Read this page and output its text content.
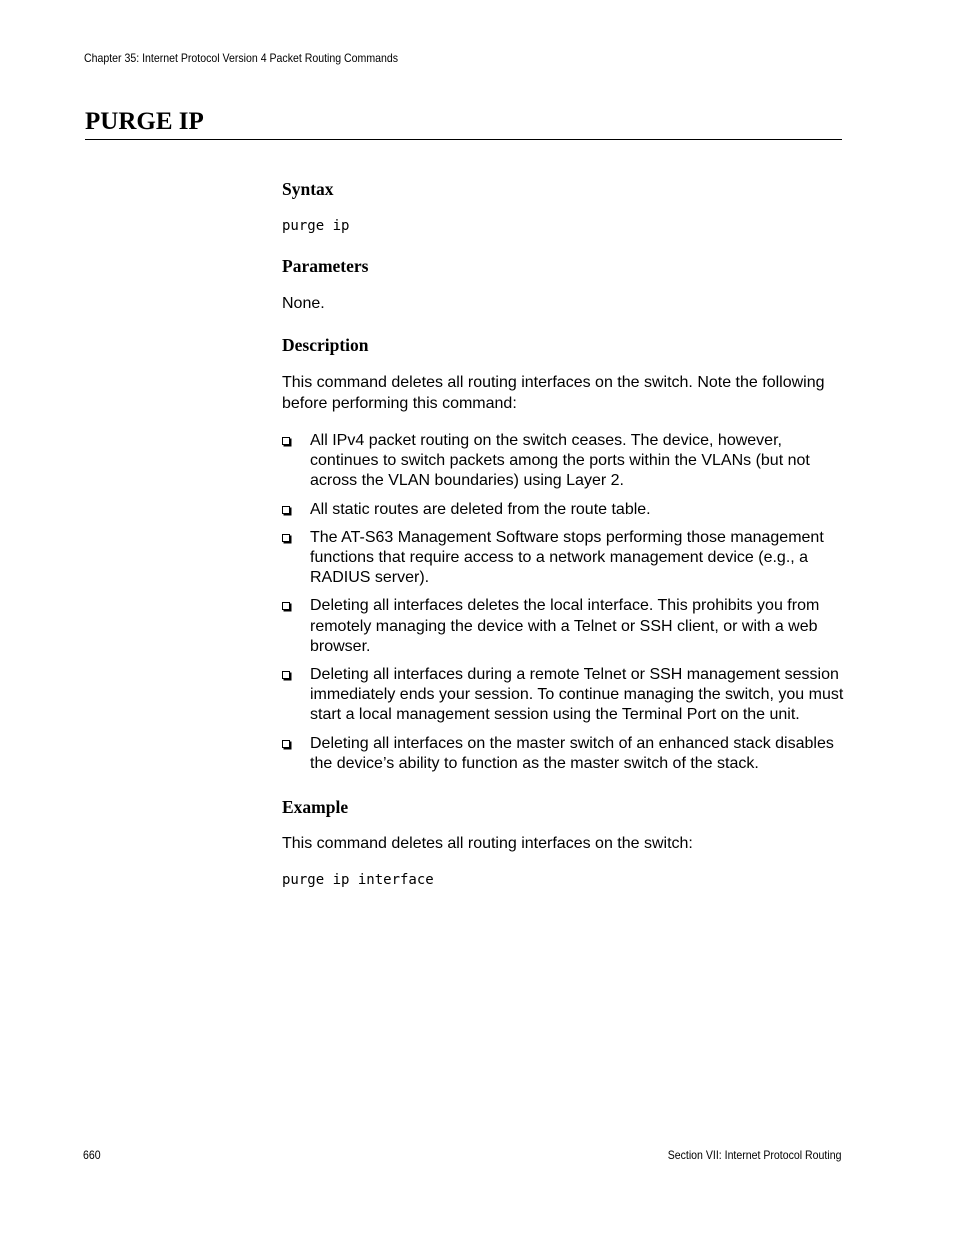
Chapter 35: Internet Protocol Version 4 Packet Routing Commands
PURGE IP
Syntax
purge ip
Parameters

None.

Description

This command deletes all routing interfaces on the switch. Note the following before performing this command:

All IPv4 packet routing on the switch ceases. The device, however, continues to switch packets among the ports within the VLANs (but not across the VLAN boundaries) using Layer 2.
All static routes are deleted from the route table.
The AT-S63 Management Software stops performing those management functions that require access to a network management device (e.g., a RADIUS server).
Deleting all interfaces deletes the local interface. This prohibits you from remotely managing the device with a Telnet or SSH client, or with a web browser.
Deleting all interfaces during a remote Telnet or SSH management session immediately ends your session. To continue managing the switch, you must start a local management session using the Terminal Port on the unit.
Deleting all interfaces on the master switch of an enhanced stack disables the device’s ability to function as the master switch of the stack.
Example

This command deletes all routing interfaces on the switch:

purge ip interface
660	Section VII: Internet Protocol Routing
